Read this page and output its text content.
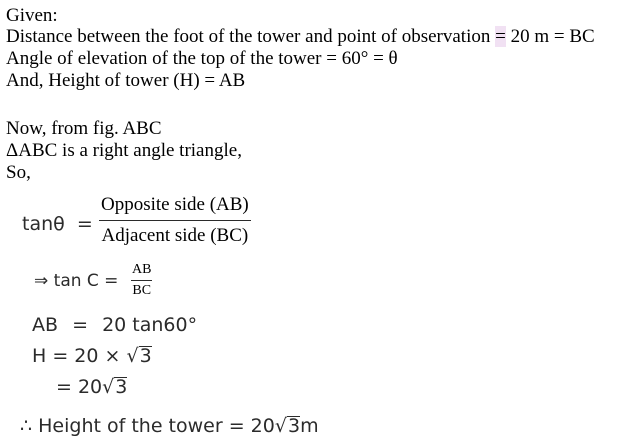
Given:
Distance between the foot of the tower and point of observation = 20 m = BC
Angle of elevation of the top of the tower = 60° = θ
And, Height of tower (H) = AB
Now, from fig. ABC
ΔABC is a right angle triangle,
So,
tanθ =
Opposite side (AB)
Adjacent side (BC)
⇒ tan C =
AB
BC
AB = 20 tan60°
H = 20 × √3
= 20√3
∴ Height of the tower = 20√3m
